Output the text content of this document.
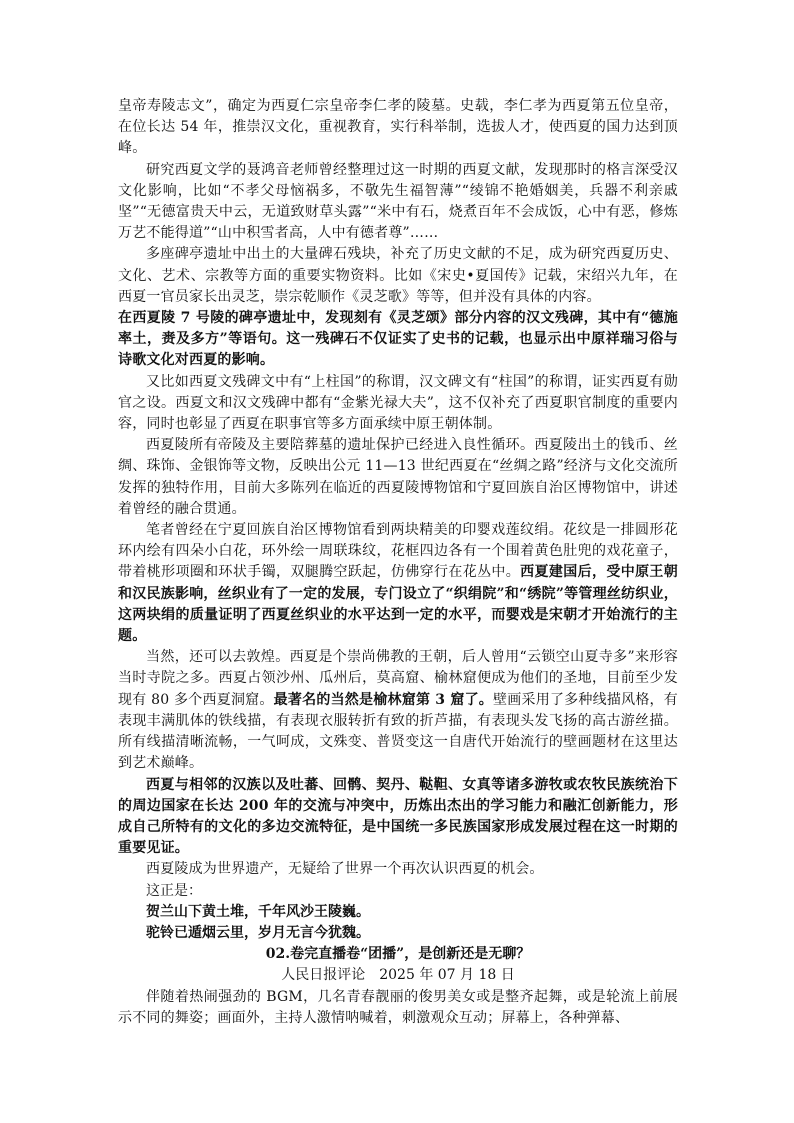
皇帝寿陵志文”，确定为西夏仁宗皇帝李仁孝的陵墓。史载，李仁孝为西夏第五位皇帝，在位长达 54 年，推崇汉文化，重视教育，实行科举制，选拔人才，使西夏的国力达到顶峰。

研究西夏文学的聂鸿音老师曾经整理过这一时期的西夏文献，发现那时的格言深受汉文化影响，比如“不孝父母恼祸多，不敬先生福智薄”“绫锦不艳婚姻美，兵器不利亲戚坚”“无德富贵天中云，无道致财草头露”“米中有石，烧煮百年不会成饭，心中有恶，修炼万艺不能得道”“山中积雪者高，人中有德者尊”……

多座碑亭遗址中出土的大量碑石残块，补充了历史文献的不足，成为研究西夏历史、文化、艺术、宗教等方面的重要实物资料。比如《宋史•夏国传》记载，宋绍兴九年，在西夏一官员家长出灵芝，崇宗乾顺作《灵芝歌》等等，但并没有具体的内容。

在西夏陵 7 号陵的碑亭遗址中，发现刻有《灵芝颂》部分内容的汉文残碑，其中有“德施率土，赉及多方”等语句。这一残碑石不仅证实了史书的记载，也显示出中原祥瑞习俗与诗歌文化对西夏的影响。

又比如西夏文残碑文中有“上柱国”的称谓，汉文碑文有“柱国”的称谓，证实西夏有勋官之设。西夏文和汉文残碑中都有“金紫光禄大夫”，这不仅补充了西夏职官制度的重要内容，同时也彰显了西夏在职事官等多方面承续中原王朝体制。

西夏陵所有帝陵及主要陪葬墓的遗址保护已经进入良性循环。西夏陵出土的钱币、丝绸、珠饰、金银饰等文物，反映出公元 11—13 世纪西夏在“丝绸之路”经济与文化交流所发挥的独特作用，目前大多陈列在临近的西夏陵博物馆和宁夏回族自治区博物馆中，讲述着曾经的融合贯通。

笔者曾经在宁夏回族自治区博物馆看到两块精美的印婴戏莲纹绢。花纹是一排圆形花环内绘有四朵小白花，环外绘一周联珠纹，花框四边各有一个围着黄色肚兜的戏花童子，带着桃形项圈和环状手镯，双腿腾空跃起，仿佛穿行在花丛中。西夏建国后，受中原王朝和汉民族影响，丝织业有了一定的发展，专门设立了“织绢院”和“绣院”等管理丝纺织业，这两块绢的质量证明了西夏丝织业的水平达到一定的水平，而婴戏是宋朝才开始流行的主题。

当然，还可以去敦煌。西夏是个崇尚佛教的王朝，后人曾用“云锁空山夏寺多”来形容当时寺院之多。西夏占领沙州、瓜州后，莫高窟、榆林窟便成为他们的圣地，目前至少发现有 80 多个西夏洞窟。最著名的当然是榆林窟第 3 窟了。壁画采用了多种线描风格，有表现丰满肌体的铁线描，有表现衣服转折有致的折芦描，有表现头发飞扬的高古游丝描。所有线描清晰流畅，一气呵成，文殊变、普贤变这一自唐代开始流行的壁画题材在这里达到艺术巅峰。

西夏与相邻的汉族以及吐蕃、回鹘、契丹、鞑靼、女真等诸多游牧或农牧民族统治下的周边国家在长达 200 年的交流与冲突中，历炼出杰出的学习能力和融汇创新能力，形成自己所特有的文化的多边交流特征，是中国统一多民族国家形成发展过程在这一时期的重要见证。

西夏陵成为世界遗产，无疑给了世界一个再次认识西夏的机会。

这正是：

贺兰山下黄土堆，千年风沙王陵巍。

驼铃已遁烟云里，岁月无言今犹魏。

02.卷完直播卷“团播”，是创新还是无聊？

人民日报评论 2025 年 07 月 18 日

伴随着热闹强劲的 BGM，几名青春靓丽的俊男美女或是整齐起舞，或是轮流上前展示不同的舞姿；画面外，主持人激情呐喊着，刺激观众互动；屏幕上，各种弹幕、
